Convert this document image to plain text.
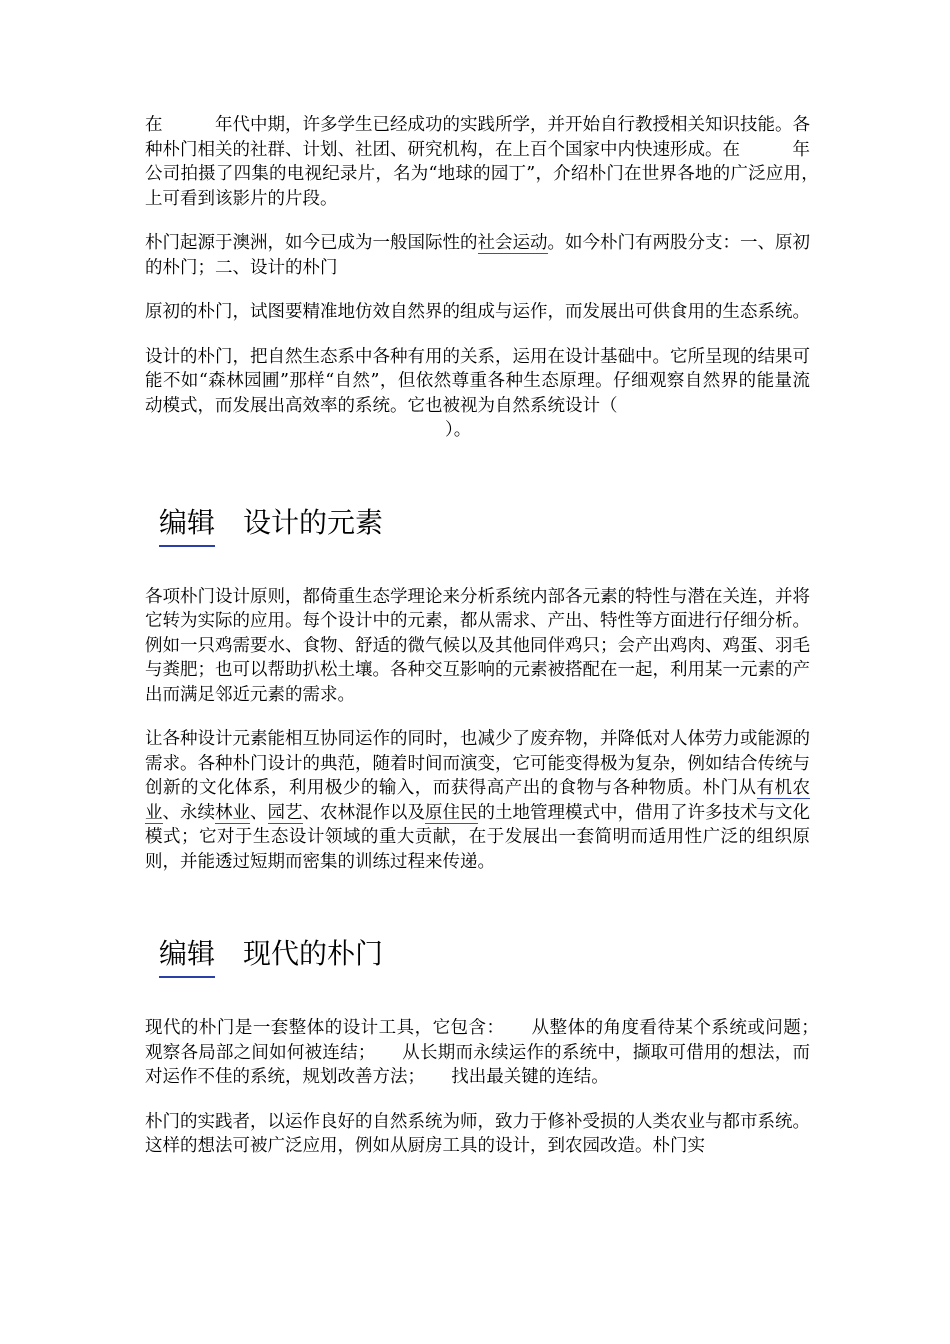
在　　　年代中期，许多学生已经成功的实践所学，并开始自行教授相关知识技能。各种朴门相关的社群、计划、社团、研究机构，在上百个国家中内快速形成。在　　　年　　　公司拍摄了四集的电视纪录片，名为“地球的园丁”，介绍朴门在世界各地的广泛应用，　　　　　上可看到该影片的片段。

朴门起源于澳洲，如今已成为一般国际性的社会运动。如今朴门有两股分支：一、原初的朴门；二、设计的朴门

原初的朴门，试图要精准地仿效自然界的组成与运作，而发展出可供食用的生态系统。

设计的朴门，把自然生态系中各种有用的关系，运用在设计基础中。它所呈现的结果可能不如“森林园圃”那样“自然”，但依然尊重各种生态原理。仔细观察自然界的能量流动模式，而发展出高效率的系统。它也被视为自然系统设计（
）。

编辑 设计的元素

各项朴门设计原则，都倚重生态学理论来分析系统内部各元素的特性与潜在关连，并将它转为实际的应用。每个设计中的元素，都从需求、产出、特性等方面进行仔细分析。例如一只鸡需要水、食物、舒适的微气候以及其他同伴鸡只；会产出鸡肉、鸡蛋、羽毛与粪肥；也可以帮助扒松土壤。各种交互影响的元素被搭配在一起，利用某一元素的产出而满足邻近元素的需求。

让各种设计元素能相互协同运作的同时，也减少了废弃物，并降低对人体劳力或能源的需求。各种朴门设计的典范，随着时间而演变，它可能变得极为复杂，例如结合传统与创新的文化体系，利用极少的输入，而获得高产出的食物与各种物质。朴门从有机农业、永续林业、园艺、农林混作以及原住民的土地管理模式中，借用了许多技术与文化模式；它对于生态设计领域的重大贡献，在于发展出一套简明而适用性广泛的组织原则，并能透过短期而密集的训练过程来传递。

编辑 现代的朴门

现代的朴门是一套整体的设计工具，它包含：　　从整体的角度看待某个系统或问题；　　观察各局部之间如何被连结；　　从长期而永续运作的系统中，撷取可借用的想法，而对运作不佳的系统，规划改善方法；　　找出最关键的连结。

朴门的实践者，以运作良好的自然系统为师，致力于修补受损的人类农业与都市系统。这样的想法可被广泛应用，例如从厨房工具的设计，到农园改造。朴门实
